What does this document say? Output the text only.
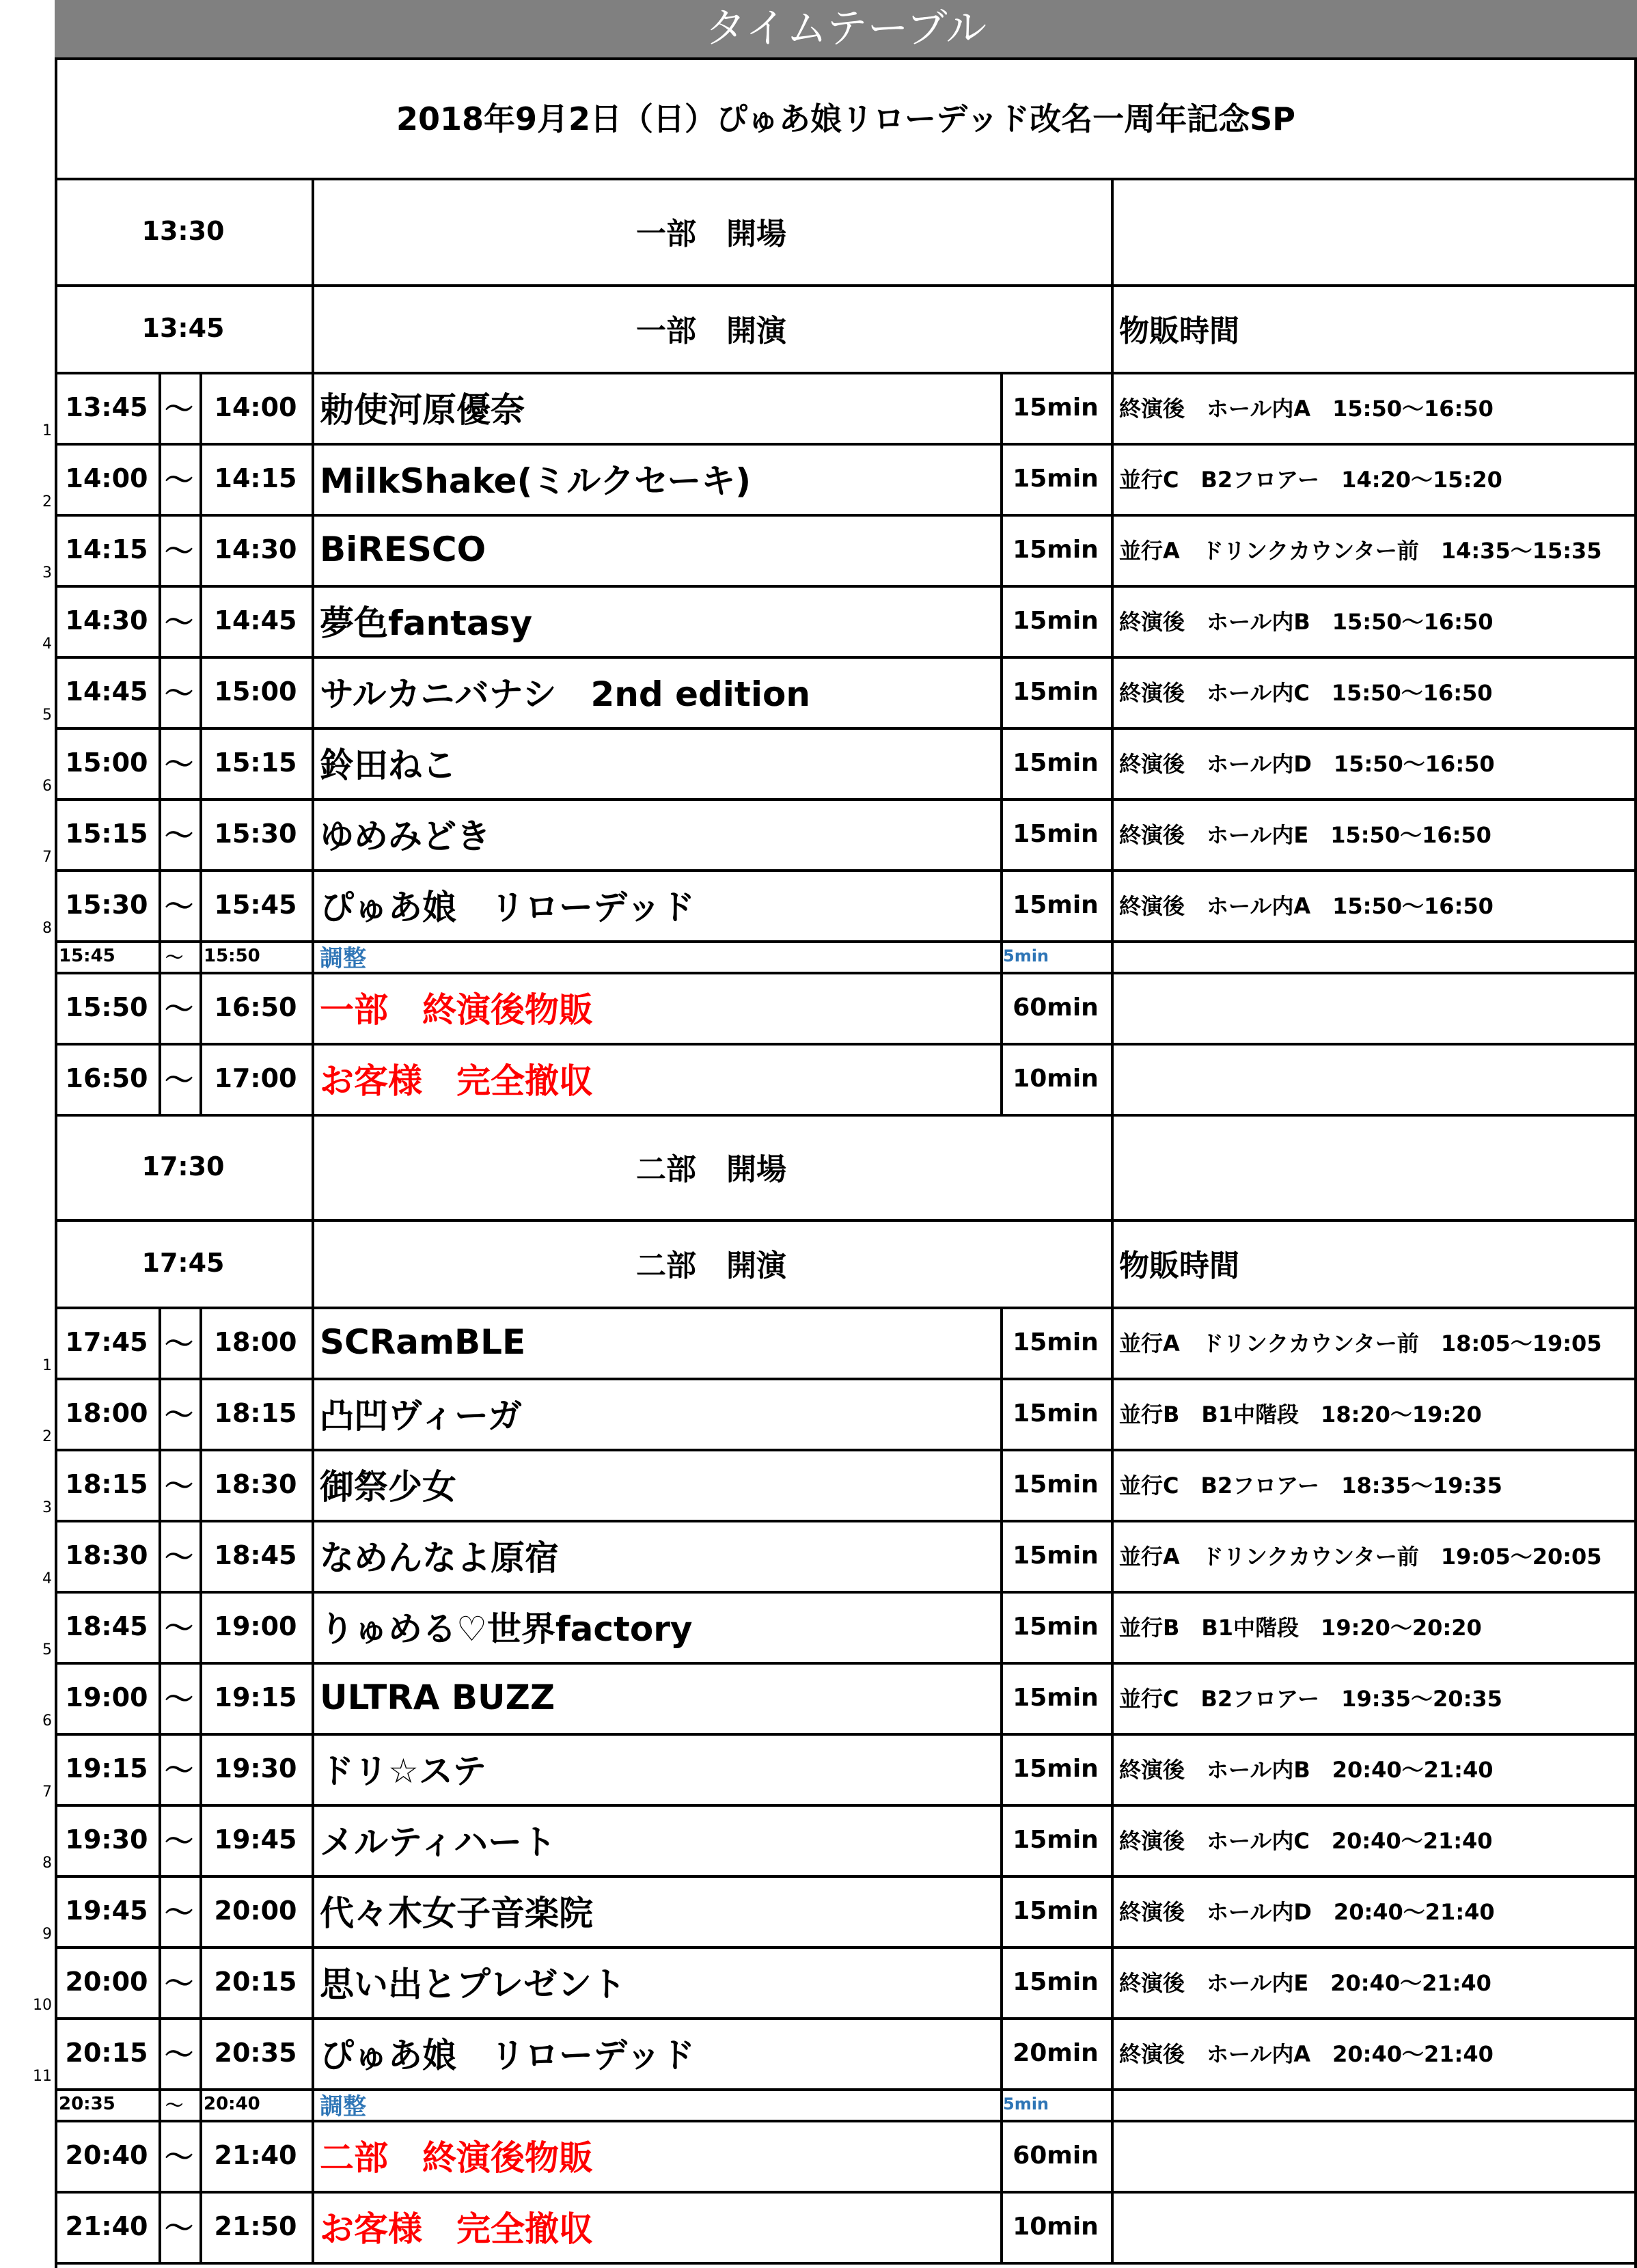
タイムテーブル
2018年9月2日（日）ぴゅあ娘リローデッド改名一周年記念SP
13:30	一部　開場
13:45	一部　開演	物販時間
13:45 ～ 14:00 勅使河原優奈	15min 終演後　ホール内A　15:50～16:50
1
14:00 ～ 14:15 MilkShake(ミルクセーキ)	15min 並行C　B2フロアー　14:20～15:20
2
14:15 ～ 14:30 BiRESCO	15min 並行A　ドリンクカウンター前　14:35～15:35
3
14:30 ～ 14:45 夢色fantasy	15min 終演後　ホール内B　15:50～16:50
4
14:45 ～ 15:00 サルカニバナシ　2nd edition	15min 終演後　ホール内C　15:50～16:50
5
15:00 ～ 15:15 鈴田ねこ	15min 終演後　ホール内D　15:50～16:50
6
15:15 ～ 15:30 ゆめみどき	15min 終演後　ホール内E　15:50～16:50
7
15:30 ～ 15:45 ぴゅあ娘　リローデッド	15min 終演後　ホール内A　15:50～16:50
8
15:45	～	15:50	調整	5min
15:50 ～ 16:50 一部　終演後物販	60min
16:50 ～ 17:00 お客様　完全撤収	10min
17:30	二部　開場
17:45	二部　開演	物販時間
17:45 ～ 18:00 SCRamBLE	15min 並行A　ドリンクカウンター前　18:05～19:05
1
18:00 ～ 18:15 凸凹ヴィーガ	15min 並行B　B1中階段　18:20～19:20
2
18:15 ～ 18:30 御祭少女	15min 並行C　B2フロアー　18:35～19:35
3
18:30 ～ 18:45 なめんなよ原宿	15min 並行A　ドリンクカウンター前　19:05～20:05
4
18:45 ～ 19:00 りゅめる♡世界factory	15min 並行B　B1中階段　19:20～20:20
5
19:00 ～ 19:15 ULTRA BUZZ	15min 並行C　B2フロアー　19:35～20:35
6
19:15 ～ 19:30 ドリ☆ステ	15min 終演後　ホール内B　20:40～21:40
7
19:30 ～ 19:45 メルティハート	15min 終演後　ホール内C　20:40～21:40
8
19:45 ～ 20:00 代々木女子音楽院	15min 終演後　ホール内D　20:40～21:40
9
20:00 ～ 20:15 思い出とプレゼント	15min 終演後　ホール内E　20:40～21:40
10
20:15 ～ 20:35 ぴゅあ娘　リローデッド	20min 終演後　ホール内A　20:40～21:40
11
20:35	～	20:40	調整	5min
20:40 ～ 21:40 二部　終演後物販	60min
21:40 ～ 21:50 お客様　完全撤収	10min
